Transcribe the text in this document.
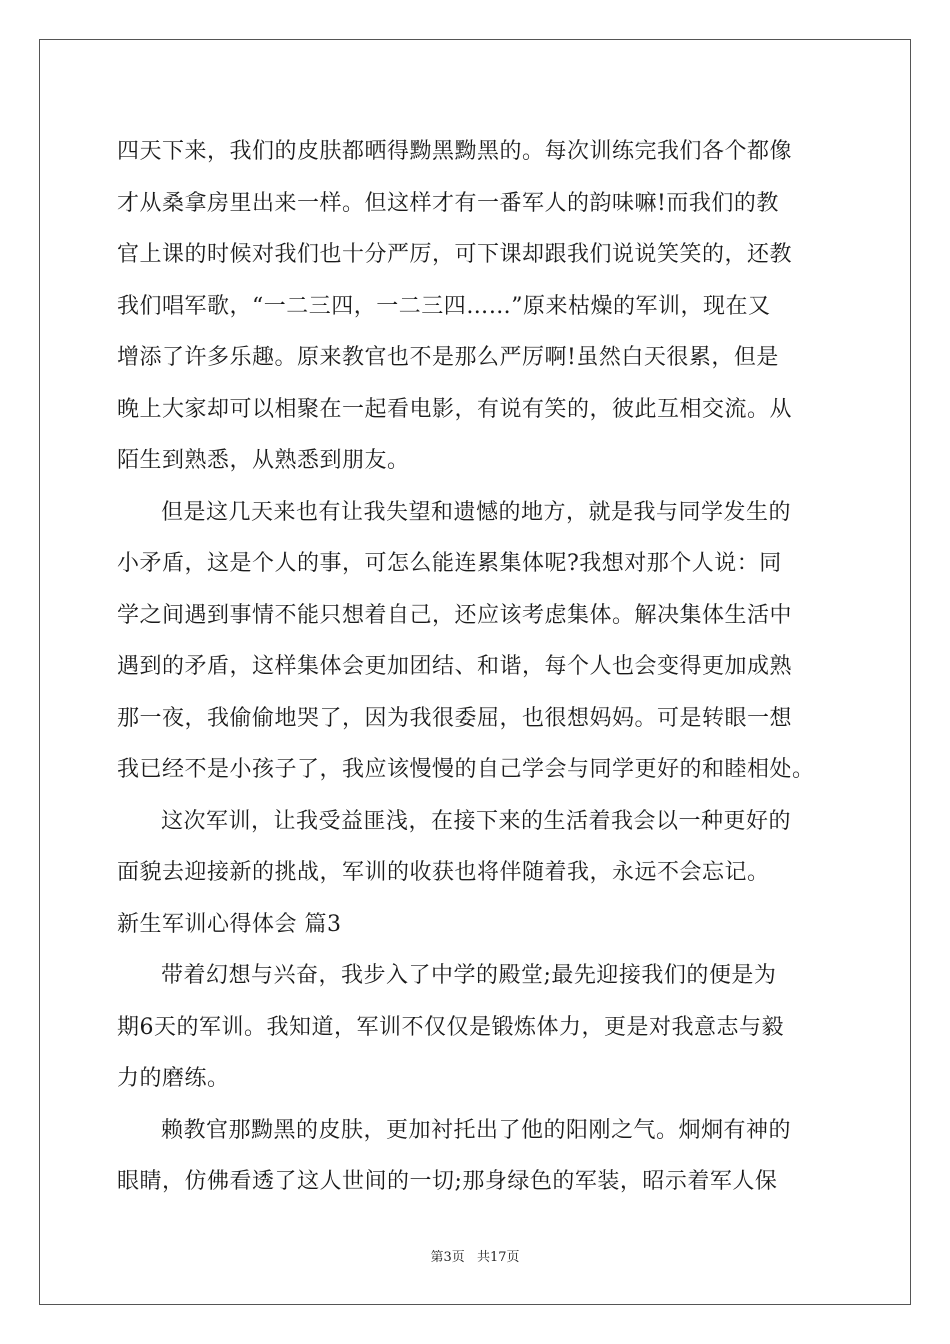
四天下来，我们的皮肤都晒得黝黑黝黑的。每次训练完我们各个都像
才从桑拿房里出来一样。但这样才有一番军人的韵味嘛!而我们的教
官上课的时候对我们也十分严厉，可下课却跟我们说说笑笑的，还教
我们唱军歌，“一二三四，一二三四……”原来枯燥的军训，现在又
增添了许多乐趣。原来教官也不是那么严厉啊!虽然白天很累，但是
晚上大家却可以相聚在一起看电影，有说有笑的，彼此互相交流。从
陌生到熟悉，从熟悉到朋友。
但是这几天来也有让我失望和遗憾的地方，就是我与同学发生的
小矛盾，这是个人的事，可怎么能连累集体呢?我想对那个人说：同
学之间遇到事情不能只想着自己，还应该考虑集体。解决集体生活中
遇到的矛盾，这样集体会更加团结、和谐，每个人也会变得更加成熟
那一夜，我偷偷地哭了，因为我很委屈，也很想妈妈。可是转眼一想
我已经不是小孩子了，我应该慢慢的自己学会与同学更好的和睦相处。
这次军训，让我受益匪浅，在接下来的生活着我会以一种更好的
面貌去迎接新的挑战，军训的收获也将伴随着我，永远不会忘记。
新生军训心得体会 篇3
带着幻想与兴奋，我步入了中学的殿堂;最先迎接我们的便是为
期6天的军训。我知道，军训不仅仅是锻炼体力，更是对我意志与毅
力的磨练。
赖教官那黝黑的皮肤，更加衬托出了他的阳刚之气。炯炯有神的
眼睛，仿佛看透了这人世间的一切;那身绿色的军装，昭示着军人保
第3页 共17页
